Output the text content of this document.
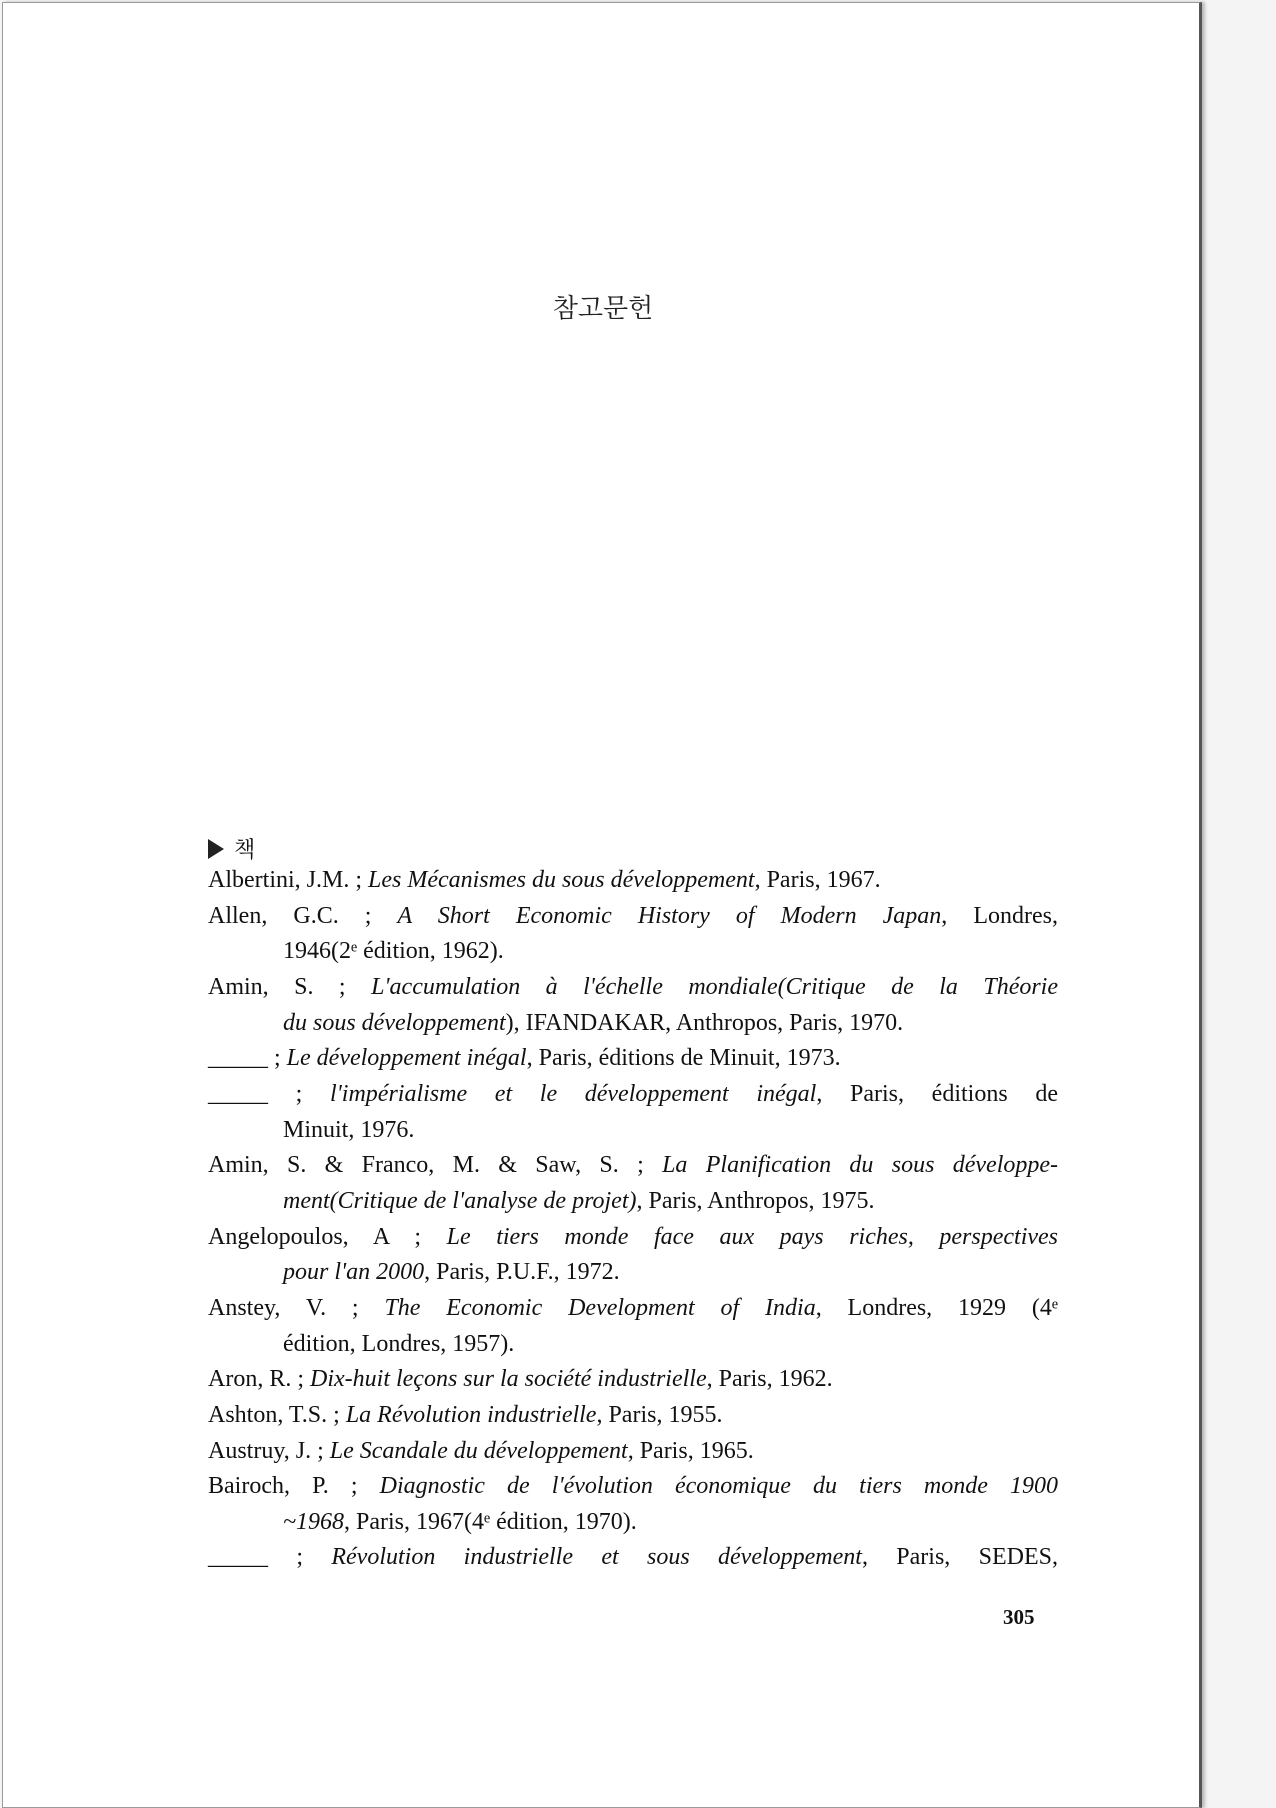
참고문헌
책
Albertini, J.M. ; Les Mécanismes du sous développement, Paris, 1967.
Allen, G.C. ; A Short Economic History of Modern Japan, Londres,
1946(2ᵉ édition, 1962).
Amin, S. ; L'accumulation à l'échelle mondiale(Critique de la Théorie
du sous développement), IFANDAKAR, Anthropos, Paris, 1970.
_____ ; Le développement inégal, Paris, éditions de Minuit, 1973.
_____ ; l'impérialisme et le développement inégal, Paris, éditions de
Minuit, 1976.
Amin, S. & Franco, M. & Saw, S. ; La Planification du sous développe-
ment(Critique de l'analyse de projet), Paris, Anthropos, 1975.
Angelopoulos, A ; Le tiers monde face aux pays riches, perspectives
pour l'an 2000, Paris, P.U.F., 1972.
Anstey, V. ; The Economic Development of India, Londres, 1929 (4ᵉ
édition, Londres, 1957).
Aron, R. ; Dix-huit leçons sur la société industrielle, Paris, 1962.
Ashton, T.S. ; La Révolution industrielle, Paris, 1955.
Austruy, J. ; Le Scandale du développement, Paris, 1965.
Bairoch, P. ; Diagnostic de l'évolution économique du tiers monde 1900
~1968, Paris, 1967(4ᵉ édition, 1970).
_____ ; Révolution industrielle et sous développement, Paris, SEDES,
305
